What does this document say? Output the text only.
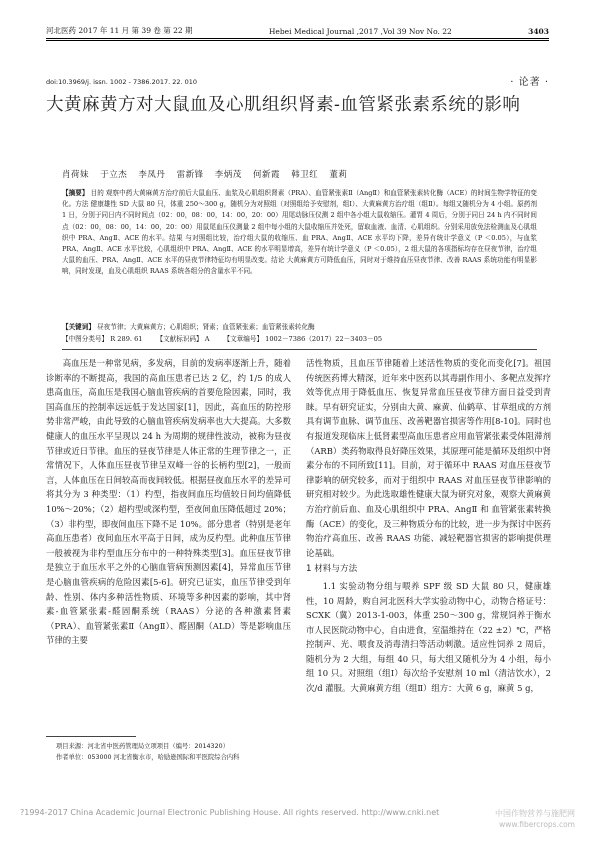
河北医药 2017 年 11 月 第 39 卷 第 22 期	Hebei Medical Journal ,2017 ,Vol 39 Nov No. 22	3403
doi:10.3969/j. issn. 1002 - 7386.2017. 22. 010	· 论著 ·
大黄麻黄方对大鼠血及心肌组织肾素-血管紧张素系统的影响
肖荷妹 于立杰 李凤丹 雷新锋 李炳茂 何新霞 韩卫红 董莉
【摘要】 目的 观察中药大黄麻黄方治疗前后大鼠血压、血浆及心肌组织肾素（PRA）、血管紧张素Ⅱ（AngⅡ）和血管紧张素转化酶（ACE）的时间生物学特征的变化。方法 健康雄性 SD 大鼠 80 只，体重 250～300 g，随机分为对照组（对照组给予安慰剂，组Ⅰ）、大黄麻黄方治疗组（组Ⅱ）。每组又随机分为 4 小组。原药剂 1 日，分别于同日内不同时间点（02：00，08：00，14：00，20：00）用尾动脉压仪测 2 组中各小组大鼠收缩压。灌胃 4 周后，分别于同日 24 h 内不同时间点（02：00，08：00，14：00，20：00）用鼠尾血压仪测量 2 组中每小组的大鼠收缩压并处死，留取血液、血清、心肌组织。分别采用放免法检测血及心肌组织中 PRA、AngⅡ、ACE 的水平。结果 与对照组比较，治疗组大鼠的收缩压、血 PRA、AngⅡ、ACE 水平均下降，差异有统计学意义（P ＜0.05），与血浆 PRA、AngⅡ、ACE 水平比较，心肌组织中 PRA、AngⅡ、ACE 的水平明显增高，差异有统计学意义（P ＜0.05），2 组大鼠的各项指标均存在昼夜节律，治疗组大鼠的血压、PRA、AngⅡ、ACE 水平的昼夜节律特征均有明显改变。结论 大黄麻黄方可降低血压，同时对于维持血压昼夜节律、改善 RAAS 系统功能有明显影响，同时发现，血及心肌组织 RAAS 系统各组分的含量水平不同。
【关键词】 昼夜节律；大黄麻黄方；心肌组织；肾素；血管紧张素；血管紧张素转化酶
【中图分类号】 R 289. 61 【文献标识码】 A 【文章编号】 1002－7386（2017）22－3403－05

高血压是一种常见病，多发病，目前的发病率逐渐上升，随着诊断率的不断提高，我国的高血压患者已达 2 亿，约 1/5 的成人患高血压，高血压是我国心脑血管疾病的首要危险因素，同时，我国高血压的控制率远远低于发达国家[1]，因此，高血压的防控形势非常严峻，由此导致的心脑血管疾病发病率也大大提高。大多数健康人的血压水平呈现以 24 h 为周期的规律性波动，被称为昼夜节律或近日节律。血压的昼夜节律是人体正常的生理节律之一，正常情况下，人体血压昼夜节律呈双峰一谷的长柄杓型[2]，一般而言，人体血压在日间较高而夜间较低。根据昼夜血压水平的差异可将其分为 3 种类型：（1）杓型，指夜间血压均值较日间均值降低 10%～20%；（2）超杓型或深杓型，至夜间血压降低超过 20%；（3）非杓型，即夜间血压下降不足 10%。部分患者（特别是老年高血压患者）夜间血压水平高于日间，成为反杓型。此种血压节律一般被视为非杓型血压分布中的一种特殊类型[3]。血压昼夜节律是独立于血压水平之外的心脑血管病预测因素[4]，异常血压节律是心脑血管疾病的危险因素[5-6]。研究已证实，血压节律受到年龄、性别、体内多种活性物质、环境等多种因素的影响，其中肾素-血管紧张素-醛固酮系统（RAAS）分泌的各种激素肾素（PRA）、血管紧张素Ⅱ（AngⅡ）、醛固酮（ALD）等是影响血压节律的主要

活性物质，且血压节律随着上述活性物质的变化而变化[7]。祖国传统医药博大精深，近年来中医药以其毒副作用小、多靶点发挥疗效等优点用于降低血压、恢复异常血压昼夜节律方面日益受到青睐。早有研究证实，分别由大黄、麻黄、仙鹤草、甘草组成的方剂具有调节血脉、调节血压、改善靶器官损害等作用[8-10]。同时也有报道发现临床上低肾素型高血压患者应用血管紧张素受体阻滞剂（ARB）类药物取得良好降压效果，其原理可能是循环及组织中肾素分布的不同所致[11]。目前，对于循环中 RAAS 对血压昼夜节律影响的研究较多，而对于组织中 RAAS 对血压昼夜节律影响的研究相对较少。为此选取雄性健康大鼠为研究对象，观察大黄麻黄方治疗前后血、血及心肌组织中 PRA、AngⅡ 和 血管紧张素转换酶（ACE）的变化，及三种物质分布的比较，进一步为探讨中医药物治疗高血压、改善 RAAS 功能、减轻靶器官损害的影响提供理论基础。

1 材料与方法

1.1 实验动物分组与喂养 SPF 级 SD 大鼠 80 只，健康雄性，10 周龄，购自河北医科大学实验动物中心，动物合格证号：SCXK（冀）2013-1-003，体重 250～300 g，常规饲养于衡水市人民医院动物中心，自由进食，室温维持在（22 ±2）℃，严格控制声、光、喂食及消毒清扫等活动刺激。适应性饲养 2 周后，随机分为 2 大组，每组 40 只，每大组又随机分为 4 小组，每小组 10 只。对照组（组Ⅰ）每次给予安慰剂 10 ml（清洁饮水），2 次/d 灌服。大黄麻黄方组（组Ⅱ）组方：大黄 6 g，麻黄 5 g，

项目来源：河北省中医药管理局立项项目（编号：2014320）
作者单位：053000 河北省衡水市，哈励逊国际和平医院综合内科
?1994-2017 China Academic Journal Electronic Publishing House. All rights reserved. http://www.cnki.net	中国作物营养与施肥网
www.fibercrops.com
